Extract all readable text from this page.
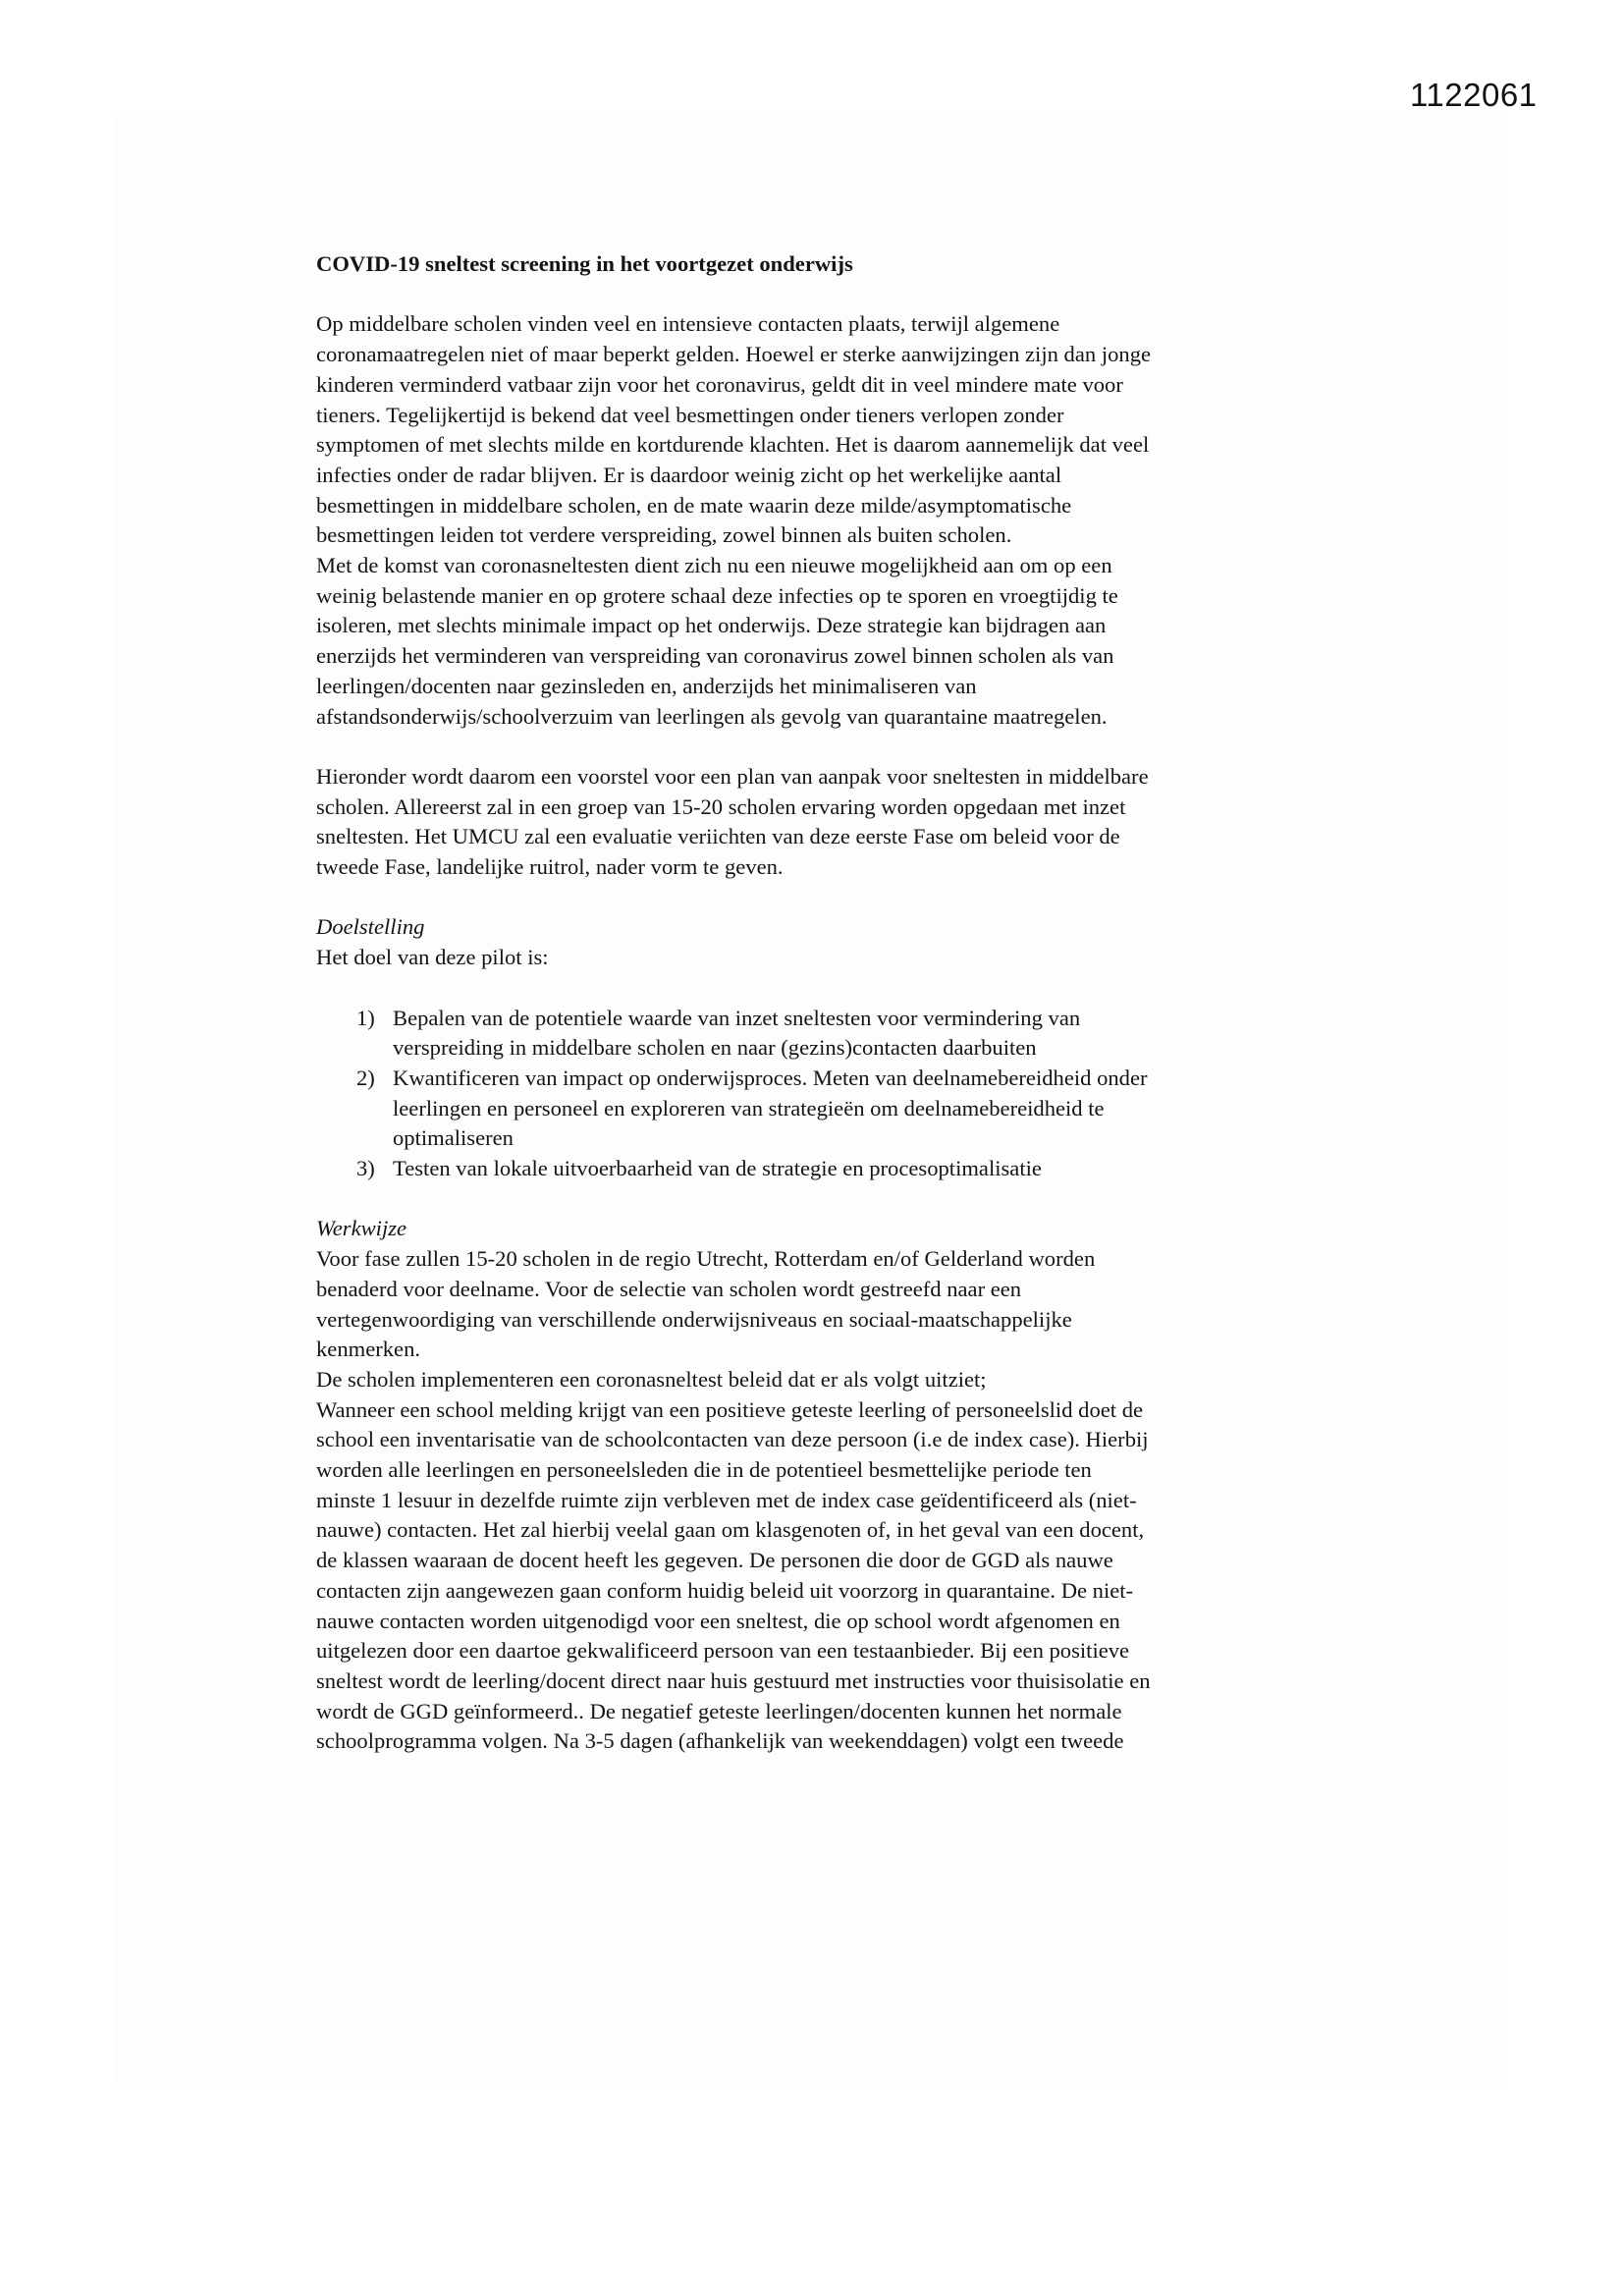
1122061
COVID-19 sneltest screening in het voortgezet onderwijs
Op middelbare scholen vinden veel en intensieve contacten plaats, terwijl algemene
coronamaatregelen niet of maar beperkt gelden. Hoewel er sterke aanwijzingen zijn dan jonge
kinderen verminderd vatbaar zijn voor het coronavirus, geldt dit in veel mindere mate voor
tieners. Tegelijkertijd is bekend dat veel besmettingen onder tieners verlopen zonder
symptomen of met slechts milde en kortdurende klachten. Het is daarom aannemelijk dat veel
infecties onder de radar blijven. Er is daardoor weinig zicht op het werkelijke aantal
besmettingen in middelbare scholen, en de mate waarin deze milde/asymptomatische
besmettingen leiden tot verdere verspreiding, zowel binnen als buiten scholen.
Met de komst van coronasneltesten dient zich nu een nieuwe mogelijkheid aan om op een
weinig belastende manier en op grotere schaal deze infecties op te sporen en vroegtijdig te
isoleren, met slechts minimale impact op het onderwijs. Deze strategie kan bijdragen aan
enerzijds het verminderen van verspreiding van coronavirus zowel binnen scholen als van
leerlingen/docenten naar gezinsleden en, anderzijds het minimaliseren van
afstandsonderwijs/schoolverzuim van leerlingen als gevolg van quarantaine maatregelen.
Hieronder wordt daarom een voorstel voor een plan van aanpak voor sneltesten in middelbare
scholen. Allereerst zal in een groep van 15-20 scholen ervaring worden opgedaan met inzet
sneltesten. Het UMCU zal een evaluatie veriichten van deze eerste Fase om beleid voor de
tweede Fase, landelijke ruitrol, nader vorm te geven.
Doelstelling
Het doel van deze pilot is:
1) Bepalen van de potentiele waarde van inzet sneltesten voor vermindering van
verspreiding in middelbare scholen en naar (gezins)contacten daarbuiten
2) Kwantificeren van impact op onderwijsproces. Meten van deelnamebereidheid onder
leerlingen en personeel en exploreren van strategieën om deelnamebereidheid te
optimaliseren
3) Testen van lokale uitvoerbaarheid van de strategie en procesoptimalisatie
Werkwijze
Voor fase zullen 15-20 scholen in de regio Utrecht, Rotterdam en/of Gelderland worden
benaderd voor deelname. Voor de selectie van scholen wordt gestreefd naar een
vertegenwoordiging van verschillende onderwijsniveaus en sociaal-maatschappelijke
kenmerken.
De scholen implementeren een coronasneltest beleid dat er als volgt uitziet;
Wanneer een school melding krijgt van een positieve geteste leerling of personeelslid doet de
school een inventarisatie van de schoolcontacten van deze persoon (i.e de index case). Hierbij
worden alle leerlingen en personeelsleden die in de potentieel besmettelijke periode ten
minste 1 lesuur in dezelfde ruimte zijn verbleven met de index case geïdentificeerd als (niet-
nauwe) contacten. Het zal hierbij veelal gaan om klasgenoten of, in het geval van een docent,
de klassen waaraan de docent heeft les gegeven. De personen die door de GGD als nauwe
contacten zijn aangewezen gaan conform huidig beleid uit voorzorg in quarantaine. De niet-
nauwe contacten worden uitgenodigd voor een sneltest, die op school wordt afgenomen en
uitgelezen door een daartoe gekwalificeerd persoon van een testaanbieder. Bij een positieve
sneltest wordt de leerling/docent direct naar huis gestuurd met instructies voor thuisisolatie en
wordt de GGD geïnformeerd.. De negatief geteste leerlingen/docenten kunnen het normale
schoolprogramma volgen. Na 3-5 dagen (afhankelijk van weekenddagen) volgt een tweede
